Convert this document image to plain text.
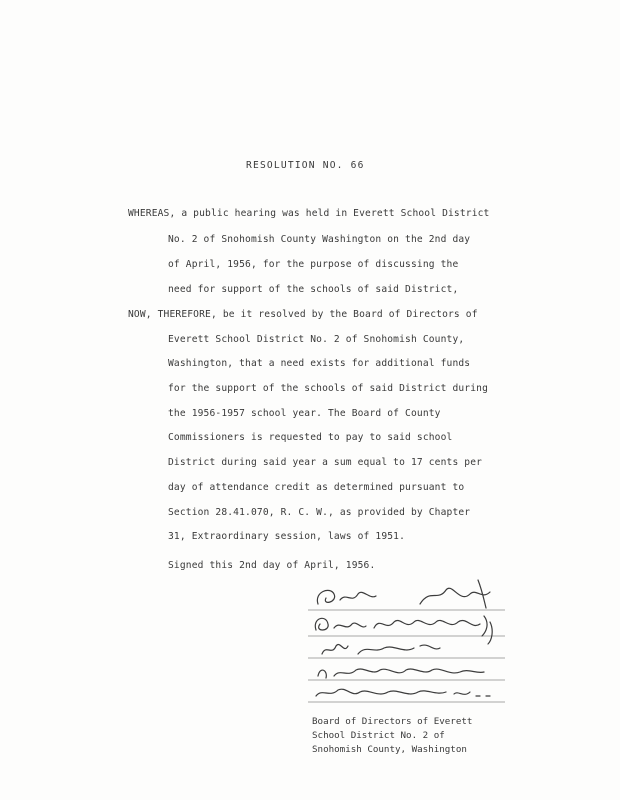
RESOLUTION NO. 66
WHEREAS, a public hearing was held in Everett School District
No. 2 of Snohomish County Washington on the 2nd day
of April, 1956, for the purpose of discussing the
need for support of the schools of said District,
NOW, THEREFORE, be it resolved by the Board of Directors of
Everett School District No. 2 of Snohomish County,
Washington, that a need exists for additional funds
for the support of the schools of said District during
the 1956-1957 school year. The Board of County
Commissioners is requested to pay to said school
District during said year a sum equal to 17 cents per
day of attendance credit as determined pursuant to
Section 28.41.070, R. C. W., as provided by Chapter
31, Extraordinary session, laws of 1951.
Signed this 2nd day of April, 1956.
Board of Directors of Everett
School District No. 2 of
Snohomish County, Washington
